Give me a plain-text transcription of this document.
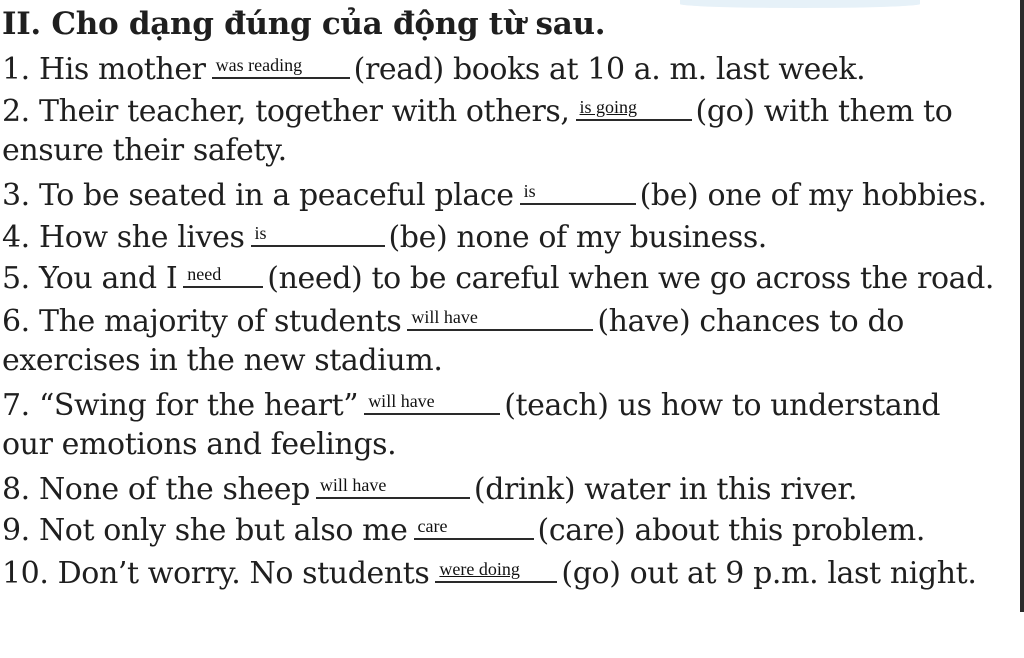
II. Cho dạng đúng của động từ sau.
1. His mother was reading (read) books at 10 a. m. last week.
2. Their teacher, together with others, is going (go) with them to
ensure their safety.
3. To be seated in a peaceful place is	(be) one of my hobbies.
4. How she lives is	(be) none of my business.
5. You and I need (need) to be careful when we go across the road.
6. The majority of students will have	(have) chances to do
exercises in the new stadium.
7. “Swing for the heart” will have (teach) us how to understand
our emotions and feelings.
8. None of the sheep will have	(drink) water in this river.
9. Not only she but also me care	(care) about this problem.
10. Don’t worry. No students were doing (go) out at 9 p.m. last night.
